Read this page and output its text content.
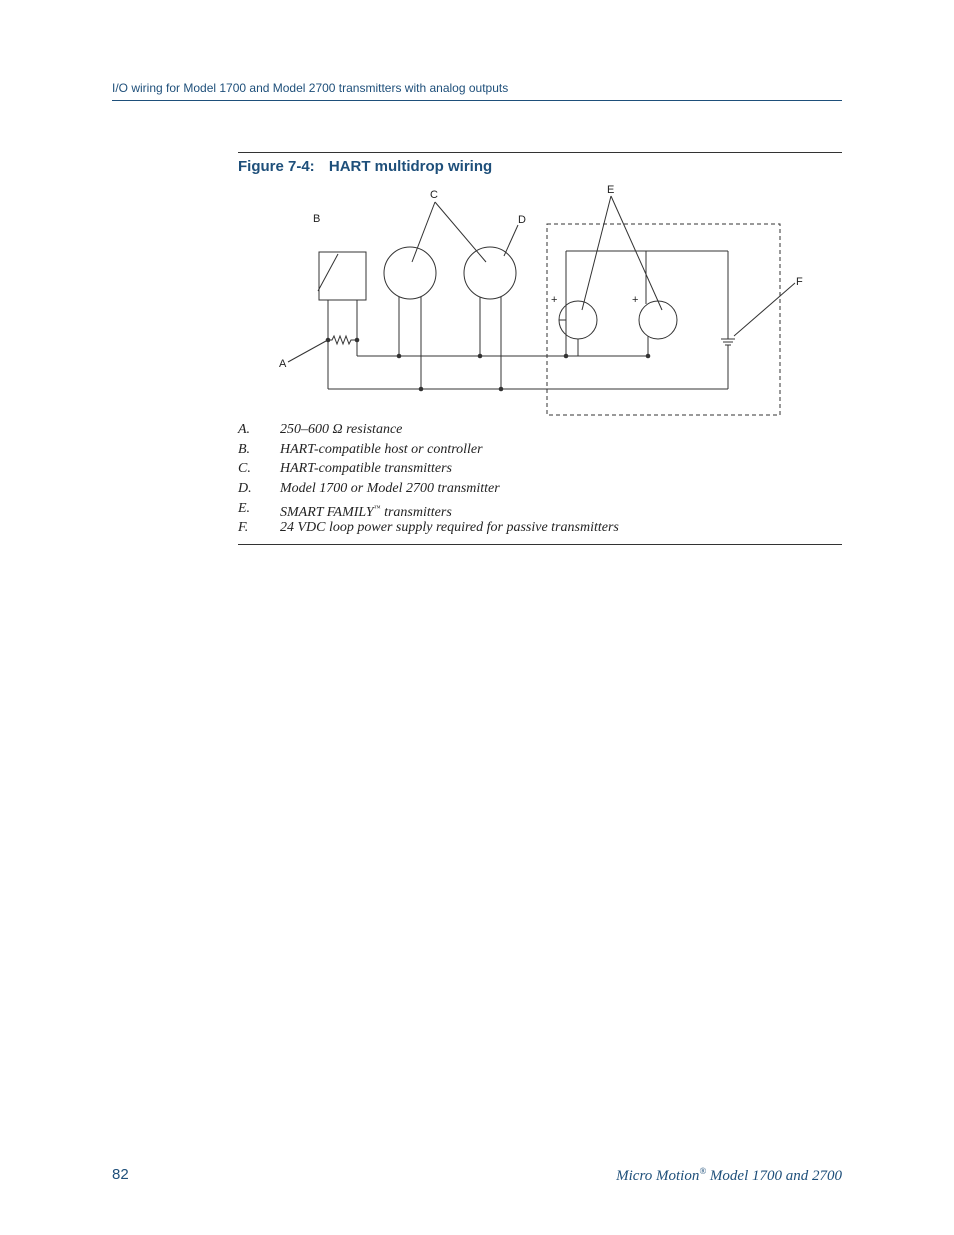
I/O wiring for Model 1700 and Model 2700 transmitters with analog outputs
Figure 7-4: HART multidrop wiring
A
B
C
D
E
F
+	+
A. 250–600 Ω resistance
B. HART-compatible host or controller
C. HART-compatible transmitters
D. Model 1700 or Model 2700 transmitter
E. SMART FAMILY™ transmitters
F. 24 VDC loop power supply required for passive transmitters
82	Micro Motion® Model 1700 and 2700
